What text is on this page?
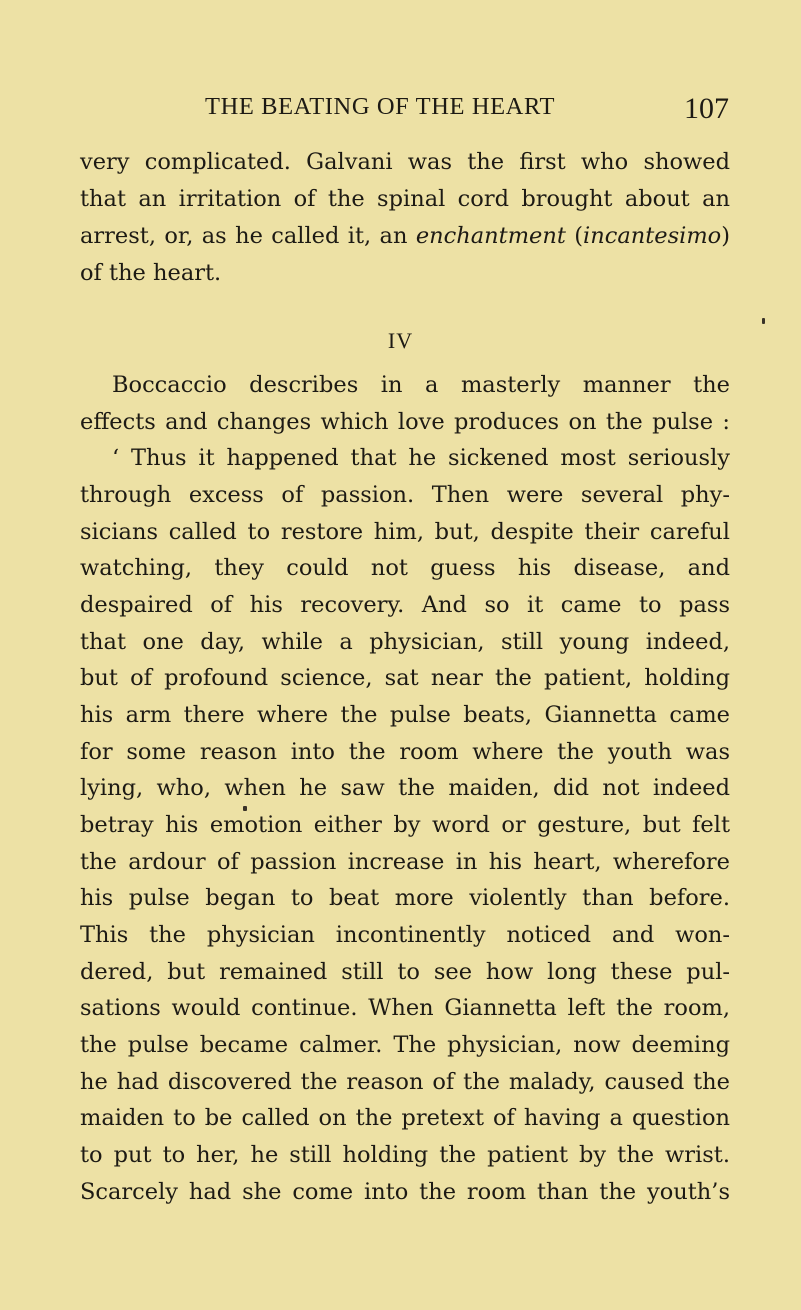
THE BEATING OF THE HEART	107
very complicated. Galvani was the first who showed
that an irritation of the spinal cord brought about an
arrest, or, as he called it, an enchantment (incantesimo)
of the heart.
IV
Boccaccio describes in a masterly manner the
effects and changes which love produces on the pulse :
‘ Thus it happened that he sickened most seriously
through excess of passion. Then were several phy-
sicians called to restore him, but, despite their careful
watching, they could not guess his disease, and
despaired of his recovery. And so it came to pass
that one day, while a physician, still young indeed,
but of profound science, sat near the patient, holding
his arm there where the pulse beats, Giannetta came
for some reason into the room where the youth was
lying, who, when he saw the maiden, did not indeed
betray his emotion either by word or gesture, but felt
the ardour of passion increase in his heart, wherefore
his pulse began to beat more violently than before.
This the physician incontinently noticed and won-
dered, but remained still to see how long these pul-
sations would continue. When Giannetta left the room,
the pulse became calmer. The physician, now deeming
he had discovered the reason of the malady, caused the
maiden to be called on the pretext of having a question
to put to her, he still holding the patient by the wrist.
Scarcely had she come into the room than the youth’s
